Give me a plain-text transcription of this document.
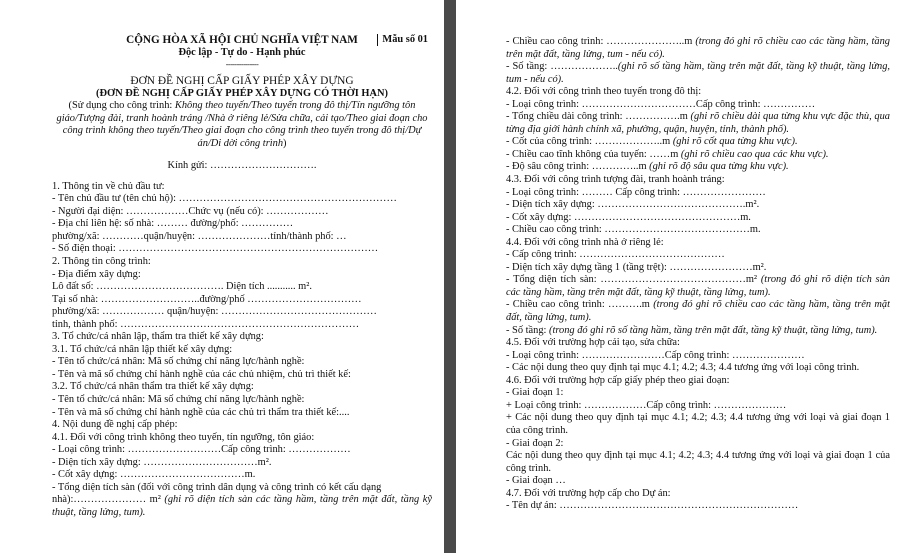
Mẫu số 01
CỘNG HÒA XÃ HỘI CHỦ NGHĨA VIỆT NAM
Độc lập - Tự do - Hạnh phúc
---------------
ĐƠN ĐỀ NGHỊ CẤP GIẤY PHÉP XÂY DỰNG
(ĐƠN ĐỀ NGHỊ CẤP GIẤY PHÉP XÂY DỰNG CÓ THỜI HẠN)
(Sử dụng cho công trình: Không theo tuyến/Theo tuyến trong đô thị/Tín ngưỡng tôn giáo/Tượng đài, tranh hoành tráng /Nhà ở riêng lẻ/Sửa chữa, cải tạo/Theo giai đoạn cho công trình không theo tuyến/Theo giai đoạn cho công trình theo tuyến trong đô thị/Dự án/Di dời công trình)
Kính gửi: ………………………….
1. Thông tin về chủ đầu tư:
- Tên chủ đầu tư (tên chủ hộ): ………………………………………………………
- Người đại diện: ………………Chức vụ (nếu có): ………………
- Địa chỉ liên hệ: số nhà: ……… đường/phố: ……………
phường/xã: …………quận/huyện: …………………tỉnh/thành phố: …
- Số điện thoại: …………………………………………………………………
2. Thông tin công trình:
- Địa điểm xây dựng:
Lô đất số: ………………………………. Diện tích ........... m².
Tại số nhà: ………………………..đường/phố ……………………………
phường/xã: ……………… quận/huyện: ………………………………………
tỉnh, thành phố: ……………………………………………………………
3. Tổ chức/cá nhân lập, thẩm tra thiết kế xây dựng:
3.1. Tổ chức/cá nhân lập thiết kế xây dựng:
- Tên tổ chức/cá nhân: Mã số chứng chỉ năng lực/hành nghề:
- Tên và mã số chứng chỉ hành nghề của các chủ nhiệm, chủ trì thiết kế:
3.2. Tổ chức/cá nhân thẩm tra thiết kế xây dựng:
- Tên tổ chức/cá nhân: Mã số chứng chỉ năng lực/hành nghề:
- Tên và mã số chứng chỉ hành nghề của các chủ trì thẩm tra thiết kế:....
4. Nội dung đề nghị cấp phép:
4.1. Đối với công trình không theo tuyến, tín ngưỡng, tôn giáo:
- Loại công trình: ………………………Cấp công trình: ………………
- Diện tích xây dựng: ……………………………m².
- Cốt xây dựng: ………………………………m.
- Tổng diện tích sàn (đối với công trình dân dụng và công trình có kết cấu dạng
nhà):………………… m² (ghi rõ diện tích sàn các tầng hầm, tầng trên mặt đất, tầng kỹ thuật, tầng lửng, tum).
- Chiều cao công trình: …………………..m (trong đó ghi rõ chiều cao các tầng hầm, tầng trên mặt đất, tầng lửng, tum - nếu có).
- Số tầng: ………………..(ghi rõ số tầng hầm, tầng trên mặt đất, tầng kỹ thuật, tầng lửng, tum - nếu có).
4.2. Đối với công trình theo tuyến trong đô thị:
- Loại công trình: ……………………………Cấp công trình: ……………
- Tổng chiều dài công trình: …………….m (ghi rõ chiều dài qua từng khu vực đặc thù, qua từng địa giới hành chính xã, phường, quận, huyện, tỉnh, thành phố).
- Cốt của công trình: ………………..m (ghi rõ cốt qua từng khu vực).
- Chiều cao tĩnh không của tuyến: ……m (ghi rõ chiều cao qua các khu vực).
- Độ sâu công trình: …………..m (ghi rõ độ sâu qua từng khu vực).
4.3. Đối với công trình tượng đài, tranh hoành tráng:
- Loại công trình: ……… Cấp công trình: ……………………
- Diện tích xây dựng: …………………………………….m².
- Cốt xây dựng: …………………………………………m.
- Chiều cao công trình: ……………………………………m.
4.4. Đối với công trình nhà ở riêng lẻ:
- Cấp công trình: ……………………………………
- Diện tích xây dựng tầng 1 (tầng trệt): ……………………m².
- Tổng diện tích sàn: ……………………………………m² (trong đó ghi rõ diện tích sàn các tầng hầm, tầng trên mặt đất, tầng kỹ thuật, tầng lửng, tum).
- Chiều cao công trình: ……….m (trong đó ghi rõ chiều cao các tầng hầm, tầng trên mặt đất, tầng lửng, tum).
- Số tầng: (trong đó ghi rõ số tầng hầm, tầng trên mặt đất, tầng kỹ thuật, tầng lửng, tum).
4.5. Đối với trường hợp cải tạo, sửa chữa:
- Loại công trình: ……………………Cấp công trình: …………………
- Các nội dung theo quy định tại mục 4.1; 4.2; 4.3; 4.4 tương ứng với loại công trình.
4.6. Đối với trường hợp cấp giấy phép theo giai đoạn:
- Giai đoạn 1:
+ Loại công trình: ………………Cấp công trình: …………………
+ Các nội dung theo quy định tại mục 4.1; 4.2; 4.3; 4.4 tương ứng với loại và giai đoạn 1 của công trình.
- Giai đoạn 2:
Các nội dung theo quy định tại mục 4.1; 4.2; 4.3; 4.4 tương ứng với loại và giai đoạn 1 của công trình.
- Giai đoạn …
4.7. Đối với trường hợp cấp cho Dự án:
- Tên dự án: ……………………………………………………………
